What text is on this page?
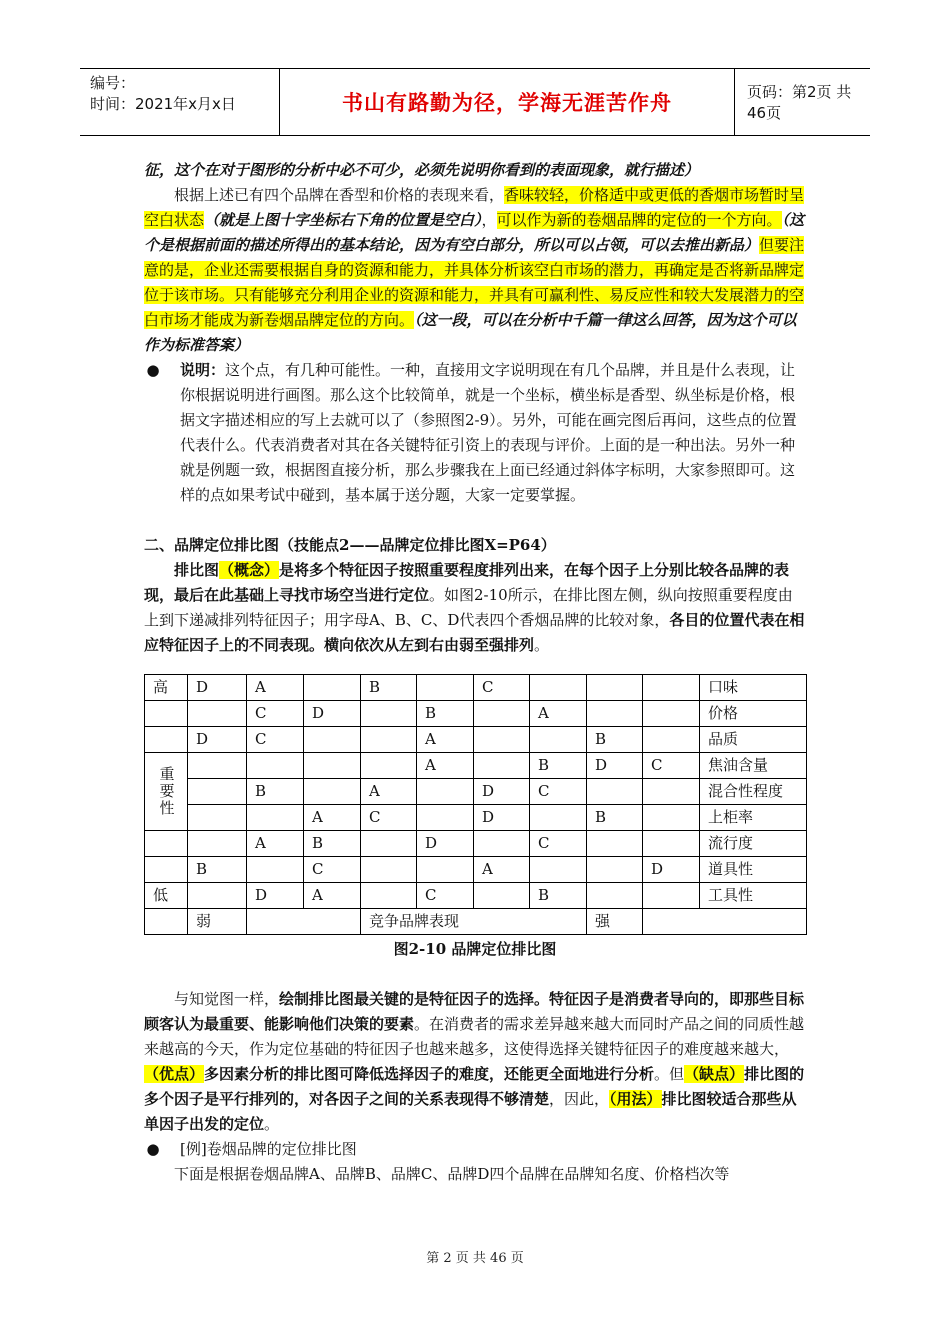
编号：
时间：2021年x月x日	书山有路勤为径，学海无涯苦作舟	页码：第2页 共46页

征，这个在对于图形的分析中必不可少，必须先说明你看到的表面现象，就行描述）

根据上述已有四个品牌在香型和价格的表现来看，香味较轻，价格适中或更低的香烟市场暂时呈空白状态（就是上图十字坐标右下角的位置是空白），可以作为新的卷烟品牌的定位的一个方向。（这个是根据前面的描述所得出的基本结论，因为有空白部分，所以可以占领，可以去推出新品）但要注意的是，企业还需要根据自身的资源和能力，并具体分析该空白市场的潜力，再确定是否将新品牌定位于该市场。只有能够充分利用企业的资源和能力，并具有可赢利性、易反应性和较大发展潜力的空白市场才能成为新卷烟品牌定位的方向。（这一段，可以在分析中千篇一律这么回答，因为这个可以作为标准答案）

● 说明：这个点，有几种可能性。一种，直接用文字说明现在有几个品牌，并且是什么表现，让你根据说明进行画图。那么这个比较简单，就是一个坐标，横坐标是香型、纵坐标是价格，根据文字描述相应的写上去就可以了（参照图2-9）。另外，可能在画完图后再问，这些点的位置代表什么。代表消费者对其在各关键特征引资上的表现与评价。上面的是一种出法。另外一种就是例题一致，根据图直接分析，那么步骤我在上面已经通过斜体字标明，大家参照即可。这样的点如果考试中碰到，基本属于送分题，大家一定要掌握。

二、品牌定位排比图（技能点2——品牌定位排比图X=P64）

排比图（概念）是将多个特征因子按照重要程度排列出来，在每个因子上分别比较各品牌的表现，最后在此基础上寻找市场空当进行定位。如图2-10所示，在排比图左侧，纵向按照重要程度由上到下递减排列特征因子；用字母A、B、C、D代表四个香烟品牌的比较对象，各目的位置代表在相应特征因子上的不同表现。横向依次从左到右由弱至强排列。

高	D	A		B		C				口味
		C	D		B		A			价格
	D	C			A			B		品质

重要性					A		B	D	C	焦油含量
		B		A		D	C			混合性程度
			A	C		D		B		上柜率
		A	B		D		C			流行度
	B		C			A			D	道具性
低		D	A		C		B			工具性
	弱			竞争品牌表现				强		

图2-10 品牌定位排比图

与知觉图一样，绘制排比图最关键的是特征因子的选择。特征因子是消费者导向的，即那些目标顾客认为最重要、能影响他们决策的要素。在消费者的需求差异越来越大而同时产品之间的同质性越来越高的今天，作为定位基础的特征因子也越来越多，这使得选择关键特征因子的难度越来越大，（优点）多因素分析的排比图可降低选择因子的难度，还能更全面地进行分析。但（缺点）排比图的多个因子是平行排列的，对各因子之间的关系表现得不够清楚，因此，（用法）排比图较适合那些从单因子出发的定位。

● [例]卷烟品牌的定位排比图

下面是根据卷烟品牌A、品牌B、品牌C、品牌D四个品牌在品牌知名度、价格档次等

第 2 页 共 46 页
